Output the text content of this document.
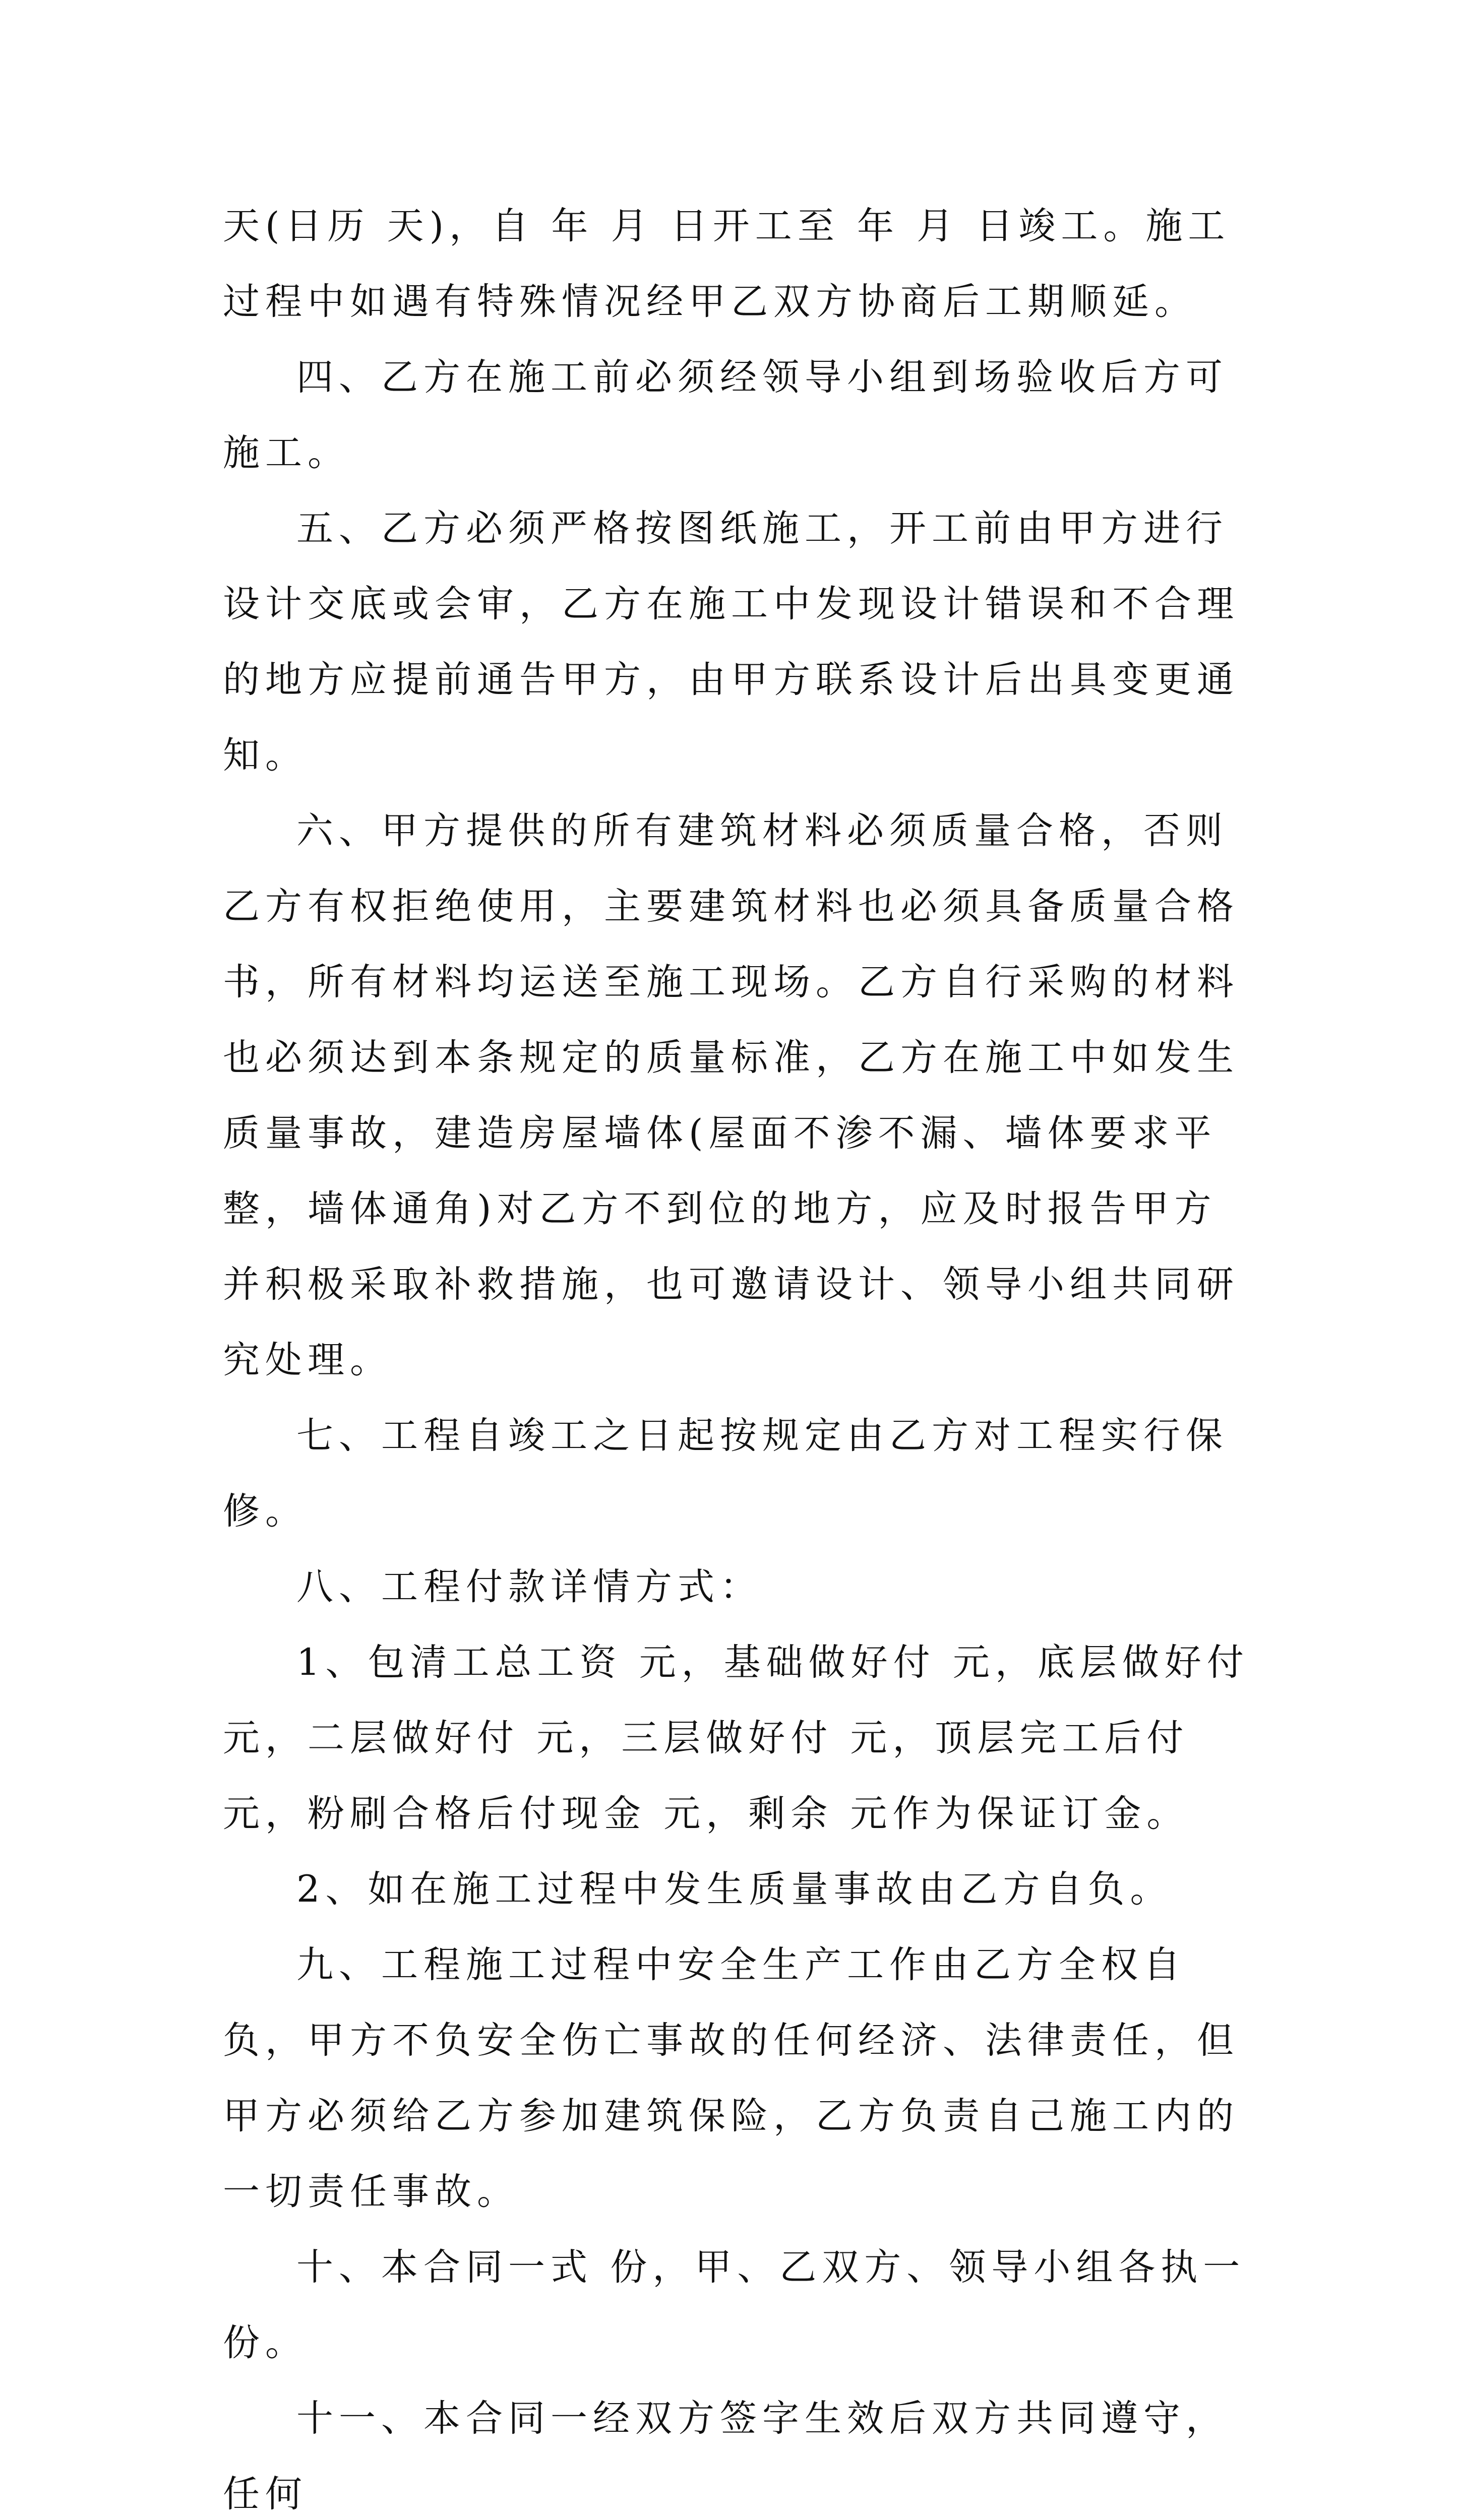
天(日历 天)，自 年 月 日开工至 年 月 日竣工。施工过程中如遇有特殊情况经甲乙双方协商后工期顺延。

四、乙方在施工前必须经领导小组到场验收后方可施工。

五、乙方必须严格按图纸施工，开工前由甲方进行设计交底或会审，乙方在施工中发现设计错误和不合理的地方应提前通告甲方，由甲方联系设计后出具变更通知。

六、甲方提供的所有建筑材料必须质量合格，否则乙方有权拒绝使用，主要建筑材料也必须具备质量合格书，所有材料均运送至施工现场。乙方自行采购的材料也必须达到本条规定的质量标准，乙方在施工中如发生质量事故，建造房屋墙体(屋面不渗不漏、墙体要求平整，墙体通角)对乙方不到位的地方，应及时报告甲方并积极采取补救措施，也可邀请设计、领导小组共同研究处理。

七、工程自竣工之日起按规定由乙方对工程实行保修。

八、工程付款详情方式：

1、包清工总工资 元，基础做好付 元，底层做好付 元，二层做好付 元，三层做好付 元，顶层完工后付 元，粉刷合格后付现金 元，剩余 元作为保证订金。

2、如在施工过程中发生质量事故由乙方自负。

九、工程施工过程中安全生产工作由乙方全权自负，甲方不负安全伤亡事故的任何经济、法律责任，但甲方必须给乙方参加建筑保险，乙方负责自己施工内的一切责任事故。

十、本合同一式 份，甲、乙双方、领导小组各执一份。

十一、本合同一经双方签字生效后双方共同遵守，任何
